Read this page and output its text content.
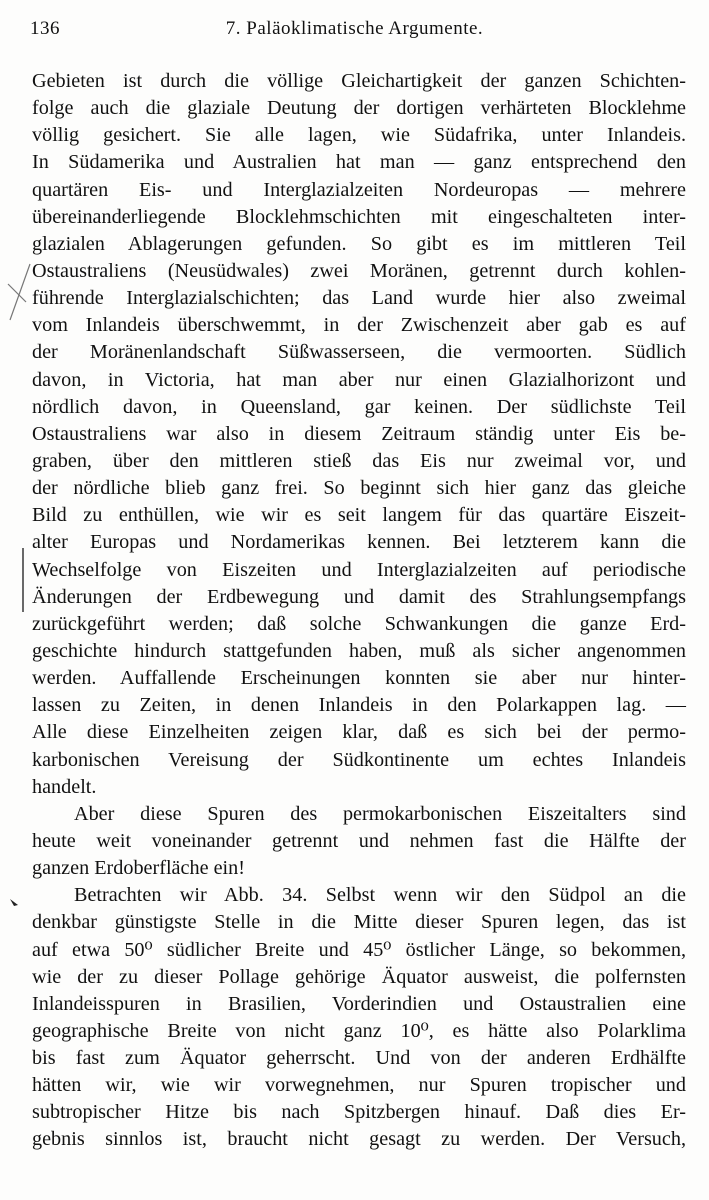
136	7. Paläoklimatische Argumente.
Gebieten ist durch die völlige Gleichartigkeit der ganzen Schichten-
folge auch die glaziale Deutung der dortigen verhärteten Blocklehme
völlig gesichert. Sie alle lagen, wie Südafrika, unter Inlandeis.
In Südamerika und Australien hat man — ganz entsprechend den
quartären Eis- und Interglazialzeiten Nordeuropas — mehrere
übereinanderliegende Blocklehmschichten mit eingeschalteten inter-
glazialen Ablagerungen gefunden. So gibt es im mittleren Teil
Ostaustraliens (Neusüdwales) zwei Moränen, getrennt durch kohlen-
führende Interglazialschichten; das Land wurde hier also zweimal
vom Inlandeis überschwemmt, in der Zwischenzeit aber gab es auf
der Moränenlandschaft Süßwasserseen, die vermoorten. Südlich
davon, in Victoria, hat man aber nur einen Glazialhorizont und
nördlich davon, in Queensland, gar keinen. Der südlichste Teil
Ostaustraliens war also in diesem Zeitraum ständig unter Eis be-
graben, über den mittleren stieß das Eis nur zweimal vor, und
der nördliche blieb ganz frei. So beginnt sich hier ganz das gleiche
Bild zu enthüllen, wie wir es seit langem für das quartäre Eiszeit-
alter Europas und Nordamerikas kennen. Bei letzterem kann die
Wechselfolge von Eiszeiten und Interglazialzeiten auf periodische
Änderungen der Erdbewegung und damit des Strahlungsempfangs
zurückgeführt werden; daß solche Schwankungen die ganze Erd-
geschichte hindurch stattgefunden haben, muß als sicher angenommen
werden. Auffallende Erscheinungen konnten sie aber nur hinter-
lassen zu Zeiten, in denen Inlandeis in den Polarkappen lag. —
Alle diese Einzelheiten zeigen klar, daß es sich bei der permo-
karbonischen Vereisung der Südkontinente um echtes Inlandeis
handelt.
Aber diese Spuren des permokarbonischen Eiszeitalters sind
heute weit voneinander getrennt und nehmen fast die Hälfte der
ganzen Erdoberfläche ein!
Betrachten wir Abb. 34. Selbst wenn wir den Südpol an die
denkbar günstigste Stelle in die Mitte dieser Spuren legen, das ist
auf etwa 50⁰ südlicher Breite und 45⁰ östlicher Länge, so bekommen,
wie der zu dieser Pollage gehörige Äquator ausweist, die polfernsten
Inlandeisspuren in Brasilien, Vorderindien und Ostaustralien eine
geographische Breite von nicht ganz 10⁰, es hätte also Polarklima
bis fast zum Äquator geherrscht. Und von der anderen Erdhälfte
hätten wir, wie wir vorwegnehmen, nur Spuren tropischer und
subtropischer Hitze bis nach Spitzbergen hinauf. Daß dies Er-
gebnis sinnlos ist, braucht nicht gesagt zu werden. Der Versuch,
